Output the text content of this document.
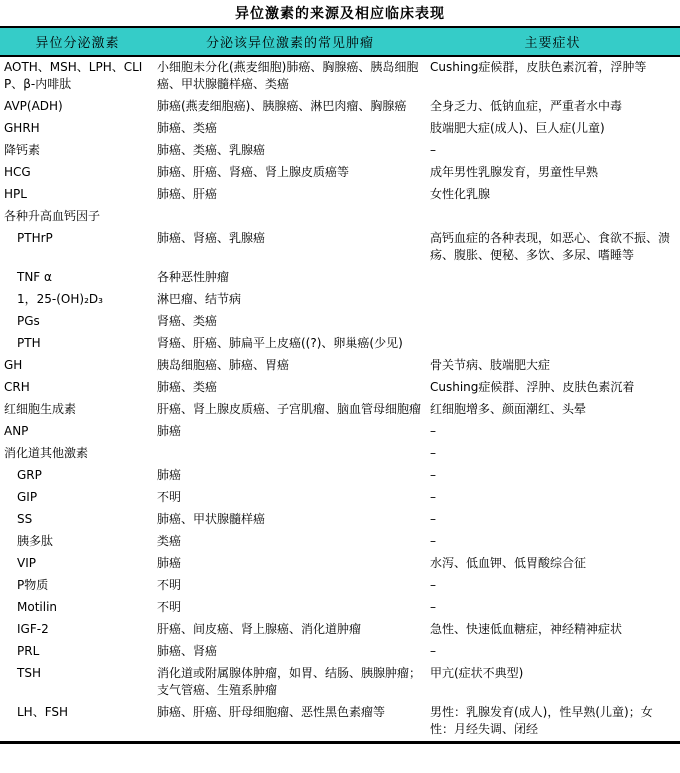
异位激素的来源及相应临床表现
异位分泌激素	分泌该异位激素的常见肿瘤	主要症状
AOTH、MSH、LPH、CLIP、β-内啡肽	小细胞未分化(燕麦细胞)肺癌、胸腺癌、胰岛细胞癌、甲状腺髓样癌、类癌	Cushing症候群，皮肤色素沉着，浮肿等
AVP(ADH)	肺癌(燕麦细胞癌)、胰腺癌、淋巴肉瘤、胸腺癌	全身乏力、低钠血症，严重者水中毒
GHRH	肺癌、类癌	肢端肥大症(成人)、巨人症(儿童)
降钙素	肺癌、类癌、乳腺癌	–
HCG	肺癌、肝癌、肾癌、肾上腺皮质癌等	成年男性乳腺发育，男童性早熟
HPL	肺癌、肝癌	女性化乳腺
各种升高血钙因子		
PTHrP	肺癌、肾癌、乳腺癌	高钙血症的各种表现，如恶心、食欲不振、溃疡、腹胀、便秘、多饮、多尿、嗜睡等
TNF α	各种恶性肿瘤	
1，25-(OH)₂D₃	淋巴瘤、结节病	
PGs	肾癌、类癌	
PTH	肾癌、肝癌、肺扁平上皮癌((?)、卵巢癌(少见)	
GH	胰岛细胞癌、肺癌、胃癌	骨关节病、肢端肥大症
CRH	肺癌、类癌	Cushing症候群、浮肿、皮肤色素沉着
红细胞生成素	肝癌、肾上腺皮质癌、子宫肌瘤、脑血管母细胞瘤	红细胞增多、颜面潮红、头晕
ANP	肺癌	–
消化道其他激素		–
GRP	肺癌	–
GIP	不明	–
SS	肺癌、甲状腺髓样癌	–
胰多肽	类癌	–
VIP	肺癌	水泻、低血钾、低胃酸综合征
P物质	不明	–
Motilin	不明	–
IGF-2	肝癌、间皮癌、肾上腺癌、消化道肿瘤	急性、快速低血糖症，神经精神症状
PRL	肺癌、肾癌	–
TSH	消化道或附属腺体肿瘤，如胃、结肠、胰腺肿瘤；支气管癌、生殖系肿瘤	甲亢(症状不典型)
LH、FSH	肺癌、肝癌、肝母细胞瘤、恶性黑色素瘤等	男性：乳腺发育(成人)，性早熟(儿童)；女性：月经失调、闭经
